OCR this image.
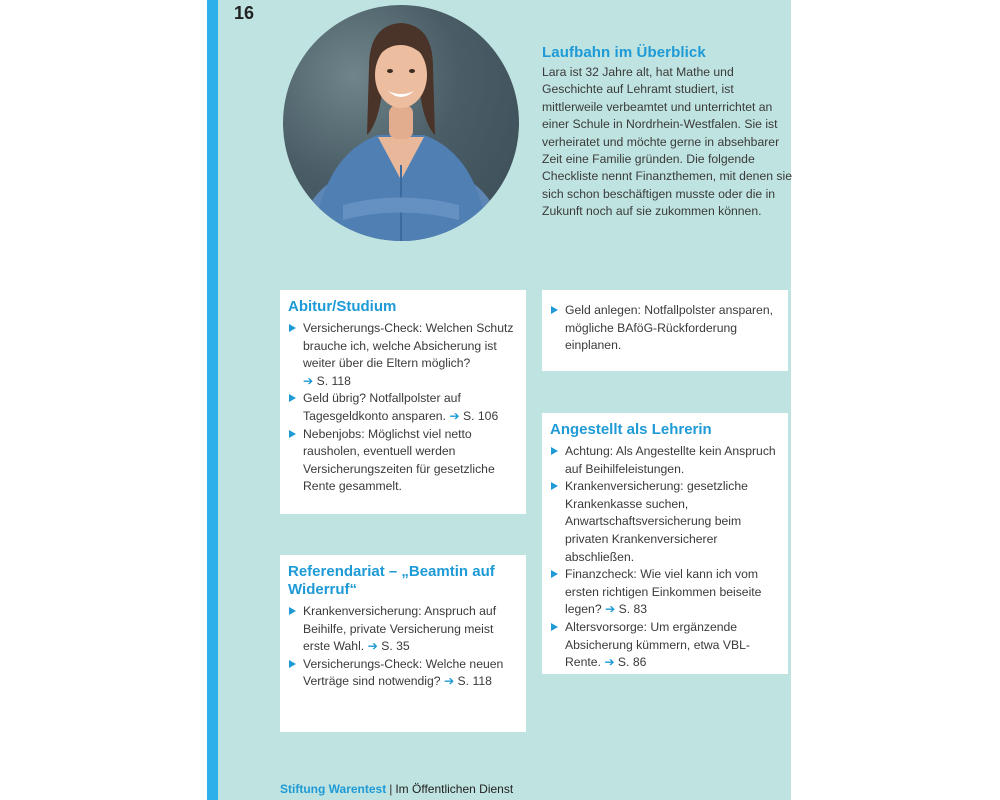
16
Laufbahn im Überblick

Lara ist 32 Jahre alt, hat Mathe und Geschichte auf Lehramt studiert, ist mittlerweile verbeamtet und unterrichtet an einer Schule in Nordrhein-Westfalen. Sie ist verheiratet und möchte gerne in absehbarer Zeit eine Familie gründen. Die folgende Checkliste nennt Finanzthemen, mit denen sie sich schon beschäftigen musste oder die in Zukunft noch auf sie zukommen können.

Abitur/Studium
Versicherungs-Check: Welchen Schutz brauche ich, welche Absicherung ist weiter über die Eltern möglich? ➔ S. 118
Geld übrig? Notfallpolster auf Tagesgeldkonto ansparen. ➔ S. 106
Nebenjobs: Möglichst viel netto rausholen, eventuell werden Versicherungszeiten für gesetzliche Rente gesammelt.
Geld anlegen: Notfallpolster ansparen, mögliche BAföG-Rückforderung einplanen.
Angestellt als Lehrerin
Achtung: Als Angestellte kein Anspruch auf Beihilfeleistungen.
Krankenversicherung: gesetzliche Krankenkasse suchen, Anwartschaftsversicherung beim privaten Krankenversicherer abschließen.
Finanzcheck: Wie viel kann ich vom ersten richtigen Einkommen beiseite legen? ➔ S. 83
Altersvorsorge: Um ergänzende Absicherung kümmern, etwa VBL-Rente. ➔ S. 86
Referendariat – „Beamtin auf Widerruf“
Krankenversicherung: Anspruch auf Beihilfe, private Versicherung meist erste Wahl. ➔ S. 35
Versicherungs-Check: Welche neuen Verträge sind notwendig? ➔ S. 118
Stiftung Warentest | Im Öffentlichen Dienst
